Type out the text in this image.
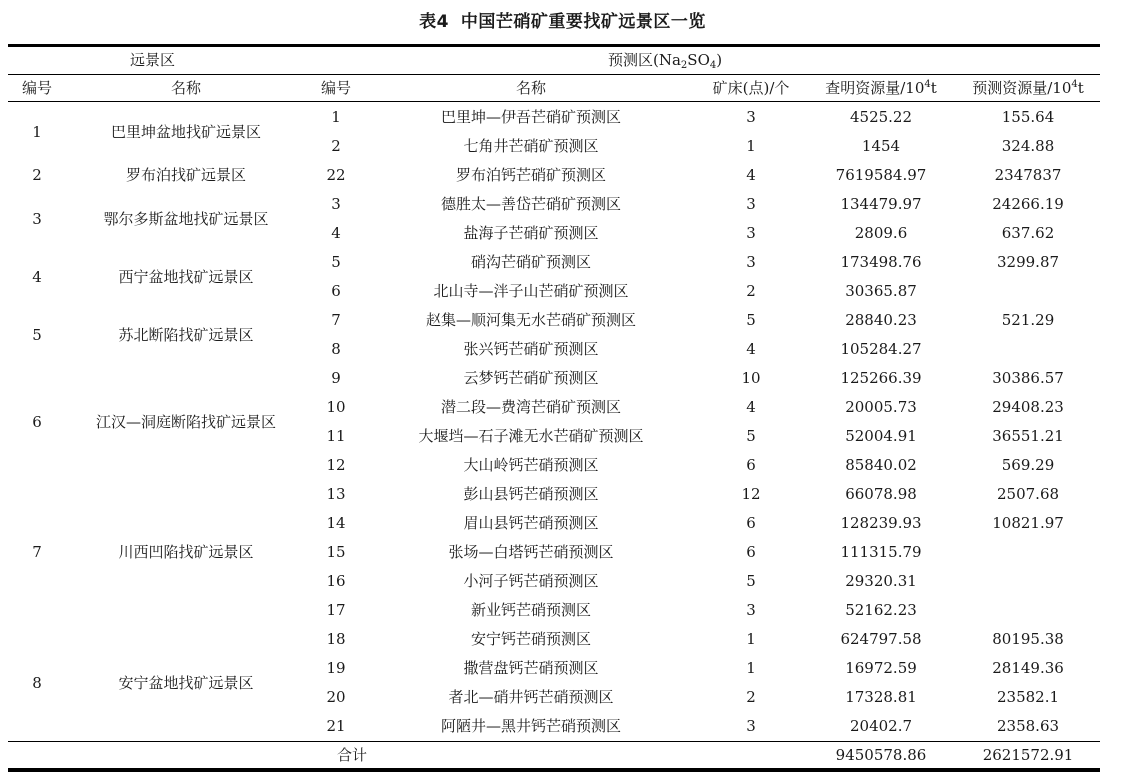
表4 中国芒硝矿重要找矿远景区一览
远景区			预测区$(Na_2SO_4)$			
编号	名称	编号	名称	矿床(点)/个	查明资源量$/10^4t$	预测资源量$/10^4t$
1	巴里坤盆地找矿远景区	1	巴里坤—伊吾芒硝矿预测区	3	4525.22	155.64
		2	七角井芒硝矿预测区	1	1454	324.88
2	罗布泊找矿远景区	22	罗布泊钙芒硝矿预测区	4	7619584.97	2347837
3	鄂尔多斯盆地找矿远景区	3	德胜太—善岱芒硝矿预测区	3	134479.97	24266.19
		4	盐海子芒硝矿预测区	3	2809.6	637.62
4	西宁盆地找矿远景区	5	硝沟芒硝矿预测区	3	173498.76	3299.87
		6	北山寺—泮子山芒硝矿预测区	2	30365.87	
5	苏北断陷找矿远景区	7	赵集—顺河集无水芒硝矿预测区	5	28840.23	521.29
		8	张兴钙芒硝矿预测区	4	105284.27	
6	江汉—洞庭断陷找矿远景区	9	云梦钙芒硝矿预测区	10	125266.39	30386.57
		10	潜二段—费湾芒硝矿预测区	4	20005.73	29408.23
		11	大堰垱—石子滩无水芒硝矿预测区	5	52004.91	36551.21
		12	大山岭钙芒硝预测区	6	85840.02	569.29
7	川西凹陷找矿远景区	13	彭山县钙芒硝预测区	12	66078.98	2507.68
		14	眉山县钙芒硝预测区	6	128239.93	10821.97
		15	张场—白塔钙芒硝预测区	6	111315.79	
		16	小河子钙芒硝预测区	5	29320.31	
		17	新业钙芒硝预测区	3	52162.23	
8	安宁盆地找矿远景区	18	安宁钙芒硝预测区	1	624797.58	80195.38
		19	撒营盘钙芒硝预测区	1	16972.59	28149.36
		20	者北—硝井钙芒硝预测区	2	17328.81	23582.1
		21	阿陋井—黑井钙芒硝预测区	3	20402.7	2358.63
合计					9450578.86	2621572.91
